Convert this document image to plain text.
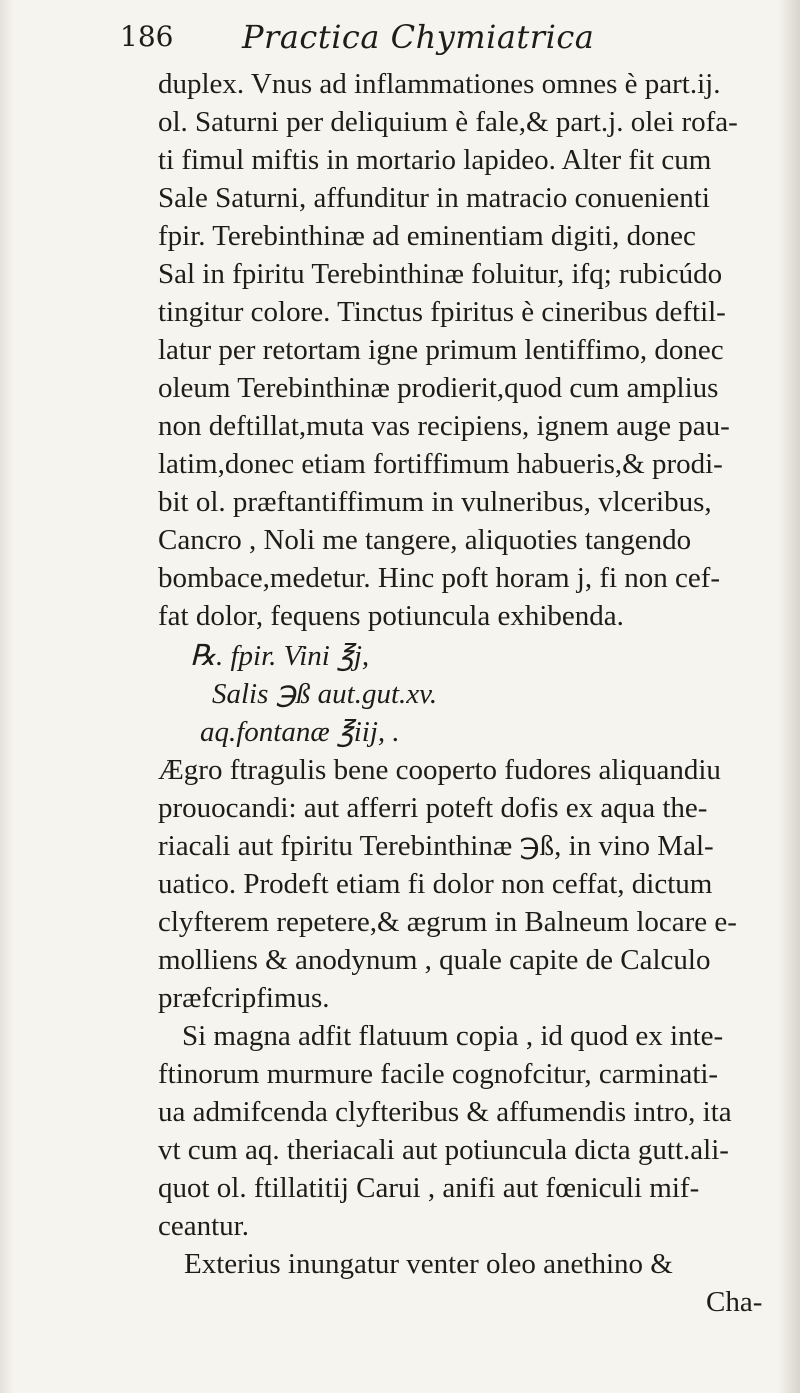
186 Practica Chymiatrica
duplex. Vnus ad inflammationes omnes è part.ij.
ol. Saturni per deliquium è fale,& part.j. olei rofa-
ti fimul miftis in mortario lapideo. Alter fit cum
Sale Saturni, affunditur in matracio conuenienti
fpir. Terebinthinæ ad eminentiam digiti, donec
Sal in fpiritu Terebinthinæ foluitur, ifq; rubicúdo
tingitur colore. Tinctus fpiritus è cineribus deftil-
latur per retortam igne primum lentiffimo, donec
oleum Terebinthinæ prodierit,quod cum amplius
non deftillat,muta vas recipiens, ignem auge pau-
latim,donec etiam fortiffimum habueris,& prodi-
bit ol. præftantiffimum in vulneribus, vlceribus,
Cancro , Noli me tangere, aliquoties tangendo
bombace,medetur. Hinc poft horam j, fi non cef-
fat dolor, fequens potiuncula exhibenda.
℞. fpir. Vini ℥j,
Salis ℈ß aut.gut.xv.
aq.fontanæ ℥iij, .
Ægro ftragulis bene cooperto fudores aliquandiu
prouocandi: aut afferri poteft dofis ex aqua the-
riacali aut fpiritu Terebinthinæ ℈ß, in vino Mal-
uatico. Prodeft etiam fi dolor non ceffat, dictum
clyfterem repetere,& ægrum in Balneum locare e-
molliens & anodynum , quale capite de Calculo
præfcripfimus.
Si magna adfit flatuum copia , id quod ex inte-
ftinorum murmure facile cognofcitur, carminati-
ua admifcenda clyfteribus & affumendis intro, ita
vt cum aq. theriacali aut potiuncula dicta gutt.ali-
quot ol. ftillatitij Carui , anifi aut fœniculi mif-
ceantur.
Exterius inungatur venter oleo anethino &
Cha-
